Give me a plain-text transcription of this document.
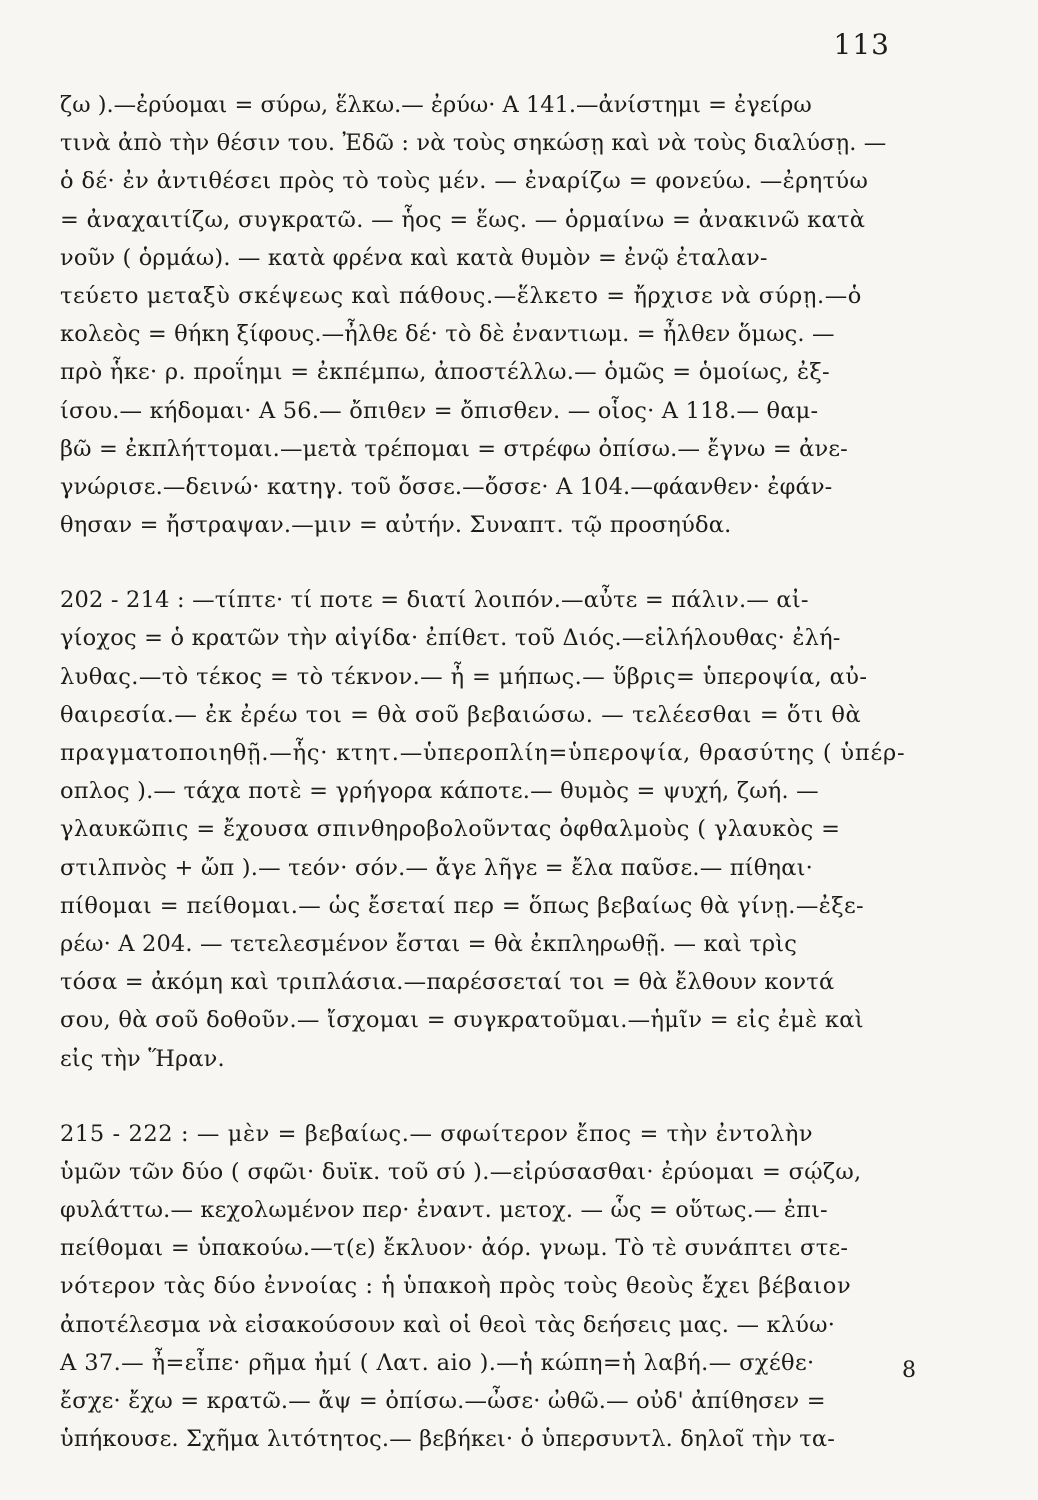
113
ζω ).—ἐρύομαι = σύρω, ἕλκω.— ἐρύω· Α 141.—ἀνίστημι = ἐγείρω
τινὰ ἀπὸ τὴν θέσιν του. Ἐδῶ : νὰ τοὺς σηκώσῃ καὶ νὰ τοὺς διαλύσῃ. —
ὁ δέ· ἐν ἀντιθέσει πρὸς τὸ τοὺς μέν. — ἐναρίζω = φονεύω. —ἐρητύω
= ἀναχαιτίζω, συγκρατῶ. — ἧος = ἕως. — ὁρμαίνω = ἀνακινῶ κατὰ
νοῦν ( ὁρμάω). — κατὰ φρένα καὶ κατὰ θυμὸν = ἐνῷ ἐταλαν-
τεύετο μεταξὺ σκέψεως καὶ πάθους.—ἕλκετο = ἤρχισε νὰ σύρῃ.—ὁ
κολεὸς = θήκη ξίφους.—ἦλθε δέ· τὸ δὲ ἐναντιωμ. = ἦλθεν ὅμως. —
πρὸ ἧκε· ρ. προΐημι = ἐκπέμπω, ἀποστέλλω.— ὁμῶς = ὁμοίως, ἐξ-
ίσου.— κήδομαι· Α 56.— ὄπιθεν = ὄπισθεν. — οἷος· Α 118.— θαμ-
βῶ = ἐκπλήττομαι.—μετὰ τρέπομαι = στρέφω ὀπίσω.— ἔγνω = ἀνε-
γνώρισε.—δεινώ· κατηγ. τοῦ ὄσσε.—ὄσσε· Α 104.—φάανθεν· ἐφάν-
θησαν = ἤστραψαν.—μιν = αὐτήν. Συναπτ. τῷ προσηύδα.
202 - 214 : —τίπτε· τί ποτε = διατί λοιπόν.—αὖτε = πάλιν.— αἰ-
γίοχος = ὁ κρατῶν τὴν αἰγίδα· ἐπίθετ. τοῦ Διός.—εἰλήλουθας· ἐλή-
λυθας.—τὸ τέκος = τὸ τέκνον.— ἦ = μήπως.— ὕβρις= ὑπεροψία, αὐ-
θαιρεσία.— ἐκ ἐρέω τοι = θὰ σοῦ βεβαιώσω. — τελέεσθαι = ὅτι θὰ
πραγματοποιηθῇ.—ἧς· κτητ.—ὑπεροπλίη=ὑπεροψία, θρασύτης ( ὑπέρ-
οπλος ).— τάχα ποτὲ = γρήγορα κάποτε.— θυμὸς = ψυχή, ζωή. —
γλαυκῶπις = ἔχουσα σπινθηροβολοῦντας ὀφθαλμοὺς ( γλαυκὸς =
στιλπνὸς + ὤπ ).— τεόν· σόν.— ἄγε λῆγε = ἔλα παῦσε.— πίθηαι·
πίθομαι = πείθομαι.— ὡς ἔσεταί περ = ὅπως βεβαίως θὰ γίνῃ.—ἐξε-
ρέω· Α 204. — τετελεσμένον ἔσται = θὰ ἐκπληρωθῇ. — καὶ τρὶς
τόσα = ἀκόμη καὶ τριπλάσια.—παρέσσεταί τοι = θὰ ἔλθουν κοντά
σου, θὰ σοῦ δοθοῦν.— ἴσχομαι = συγκρατοῦμαι.—ἡμῖν = εἰς ἐμὲ καὶ
εἰς τὴν Ἥραν.
215 - 222 : — μὲν = βεβαίως.— σφωίτερον ἔπος = τὴν ἐντολὴν
ὑμῶν τῶν δύο ( σφῶι· δυϊκ. τοῦ σύ ).—εἰρύσασθαι· ἐρύομαι = σῴζω,
φυλάττω.— κεχολωμένον περ· ἐναντ. μετοχ. — ὧς = οὕτως.— ἐπι-
πείθομαι = ὑπακούω.—τ(ε) ἔκλυον· ἀόρ. γνωμ. Τὸ τὲ συνάπτει στε-
νότερον τὰς δύο ἐννοίας : ἡ ὑπακοὴ πρὸς τοὺς θεοὺς ἔχει βέβαιον
ἀποτέλεσμα νὰ εἰσακούσουν καὶ οἱ θεοὶ τὰς δεήσεις μας. — κλύω·
Α 37.— ἦ=εἶπε· ρῆμα ἠμί ( Λατ. aio ).—ἡ κώπη=ἡ λαβή.— σχέθε·
ἔσχε· ἔχω = κρατῶ.— ἄψ = ὀπίσω.—ὦσε· ὠθῶ.— οὐδ' ἀπίθησεν =
ὑπήκουσε. Σχῆμα λιτότητος.— βεβήκει· ὁ ὑπερσυντλ. δηλοῖ τὴν τα-
8
